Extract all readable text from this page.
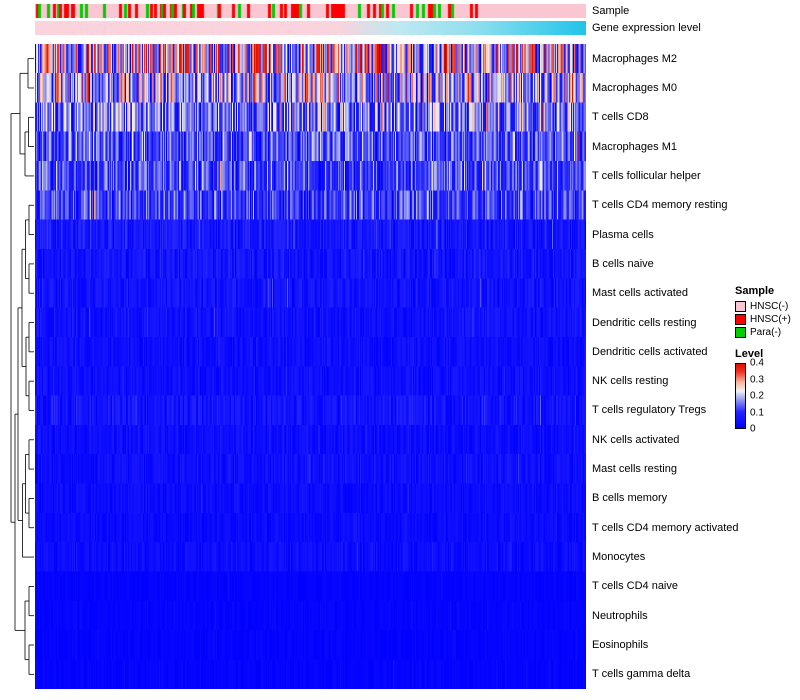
Sample
Gene expression level
Macrophages M2
Macrophages M0
T cells CD8
Macrophages M1
T cells follicular helper
T cells CD4 memory resting
Plasma cells
B cells naive
Mast cells activated
Dendritic cells resting
Dendritic cells activated
NK cells resting
T cells regulatory Tregs
NK cells activated
Mast cells resting
B cells memory
T cells CD4 memory activated
Monocytes
T cells CD4 naive
Neutrophils
Eosinophils
T cells gamma delta
Sample
HNSC(-)
HNSC(+)
Para(-)
Level
0.4
0.3
0.2
0.1
0
